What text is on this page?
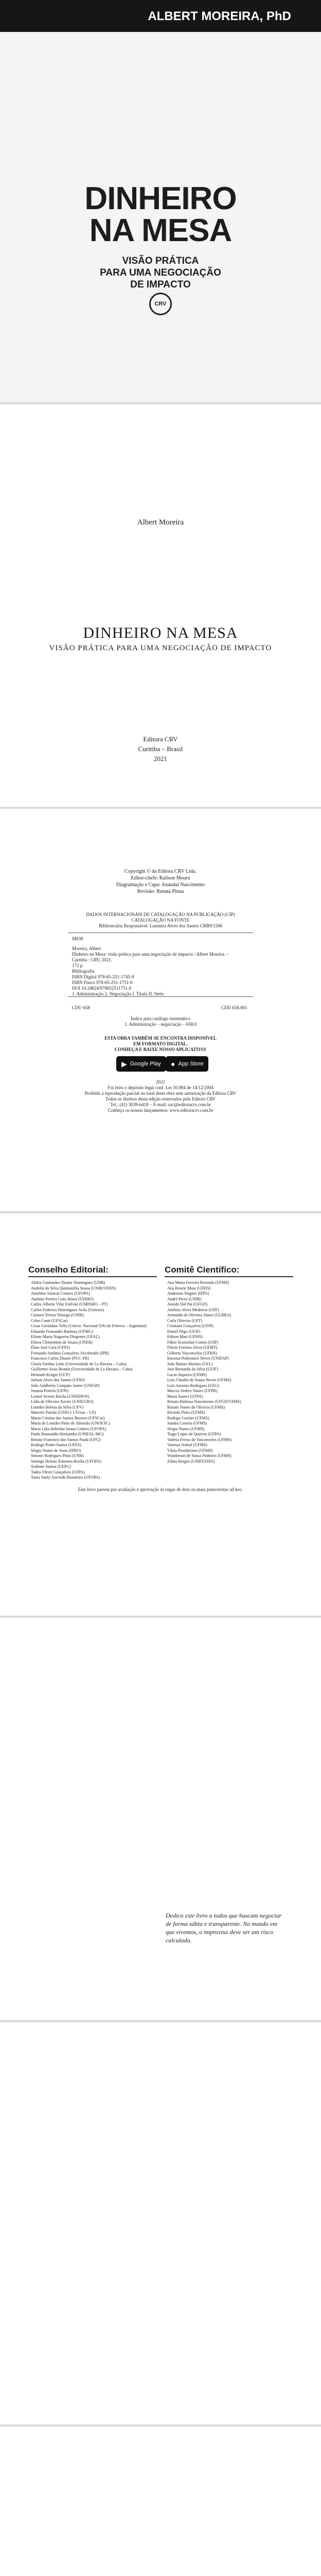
ALBERT MOREIRA, PhD
DINHEIRO
NA MESA
VISÃO PRÁTICA
PARA UMA NEGOCIAÇÃO
DE IMPACTO
CRV
Albert Moreira
DINHEIRO NA MESA
VISÃO PRÁTICA PARA UMA NEGOCIAÇÃO DE IMPACTO
Editora CRV
Curitiba – Brasil
2021
Copyright © da Editora CRV Ltda.
Editor-chefe: Railson Moura
Diagramação e Capa: Anandaí Nascimento
Revisão: Renata Pinna
DADOS INTERNACIONAIS DE CATALOGAÇÃO NA PUBLICAÇÃO (CIP)
CATALOGAÇÃO NA FONTE
Bibliotecária Responsável: Luzenira Alves dos Santos CRB9/1506
M838
Moreira, Albert
Dinheiro na Mesa: visão prática para uma negociação de impacto / Albert Moreira. –
Curitiba : CRV, 2021.
172 p.
Bibliografia
ISBN Digital 978-65-251-1745-9
ISBN Físico 978-65-251-1751-0
DOI 10.24824/978652511751.0
1. Administração 2. Negociação I. Título II. Série.
CDU 658	CDD 658.001
Índice para catálogo sistemático
1. Administração – negociação – 658.0
ESTA OBRA TAMBÉM SE ENCONTRA DISPONÍVEL
EM FORMATO DIGITAL.
CONHEÇA E BAIXE NOSSO APLICATIVO!
▶ Google Play ● App Store
2021
Foi feito o depósito legal conf. Lei 10.994 de 14/12/2004
Proibida a reprodução parcial ou total desta obra sem autorização da Editora CRV
Todos os direitos desta edição reservados pela Editora CRV
Tel.: (41) 3039-6418 – E-mail: sac@editoracrv.com.br
Conheça os nossos lançamentos: www.editoracrv.com.br
Conselho Editorial:
Aldira Guimarães Duarte Domínguez (UNB)
Andréia da Silva Quintanilha Sousa (UNIR/UFRN)
Anselmo Alencar Colares (UFOPA)
Antônio Pereira Gaio Júnior (UFRRJ)
Carlos Alberto Vilar Estêvão (UMINHO – PT)
Carlos Federico Dominguez Avila (Unieuro)
Carmen Tereza Velanga (UNIR)
Celso Conti (UFSCar)
Cesar Gerónimo Tello (Univer. Nacional Três de Febrero – Argentina)
Eduardo Fernandes Barbosa (UFMG)
Elione Maria Nogueira Diogenes (UFAL)
Elizeu Clementino de Souza (UNEB)
Élsio José Corá (UFFS)
Fernando Antônio Gonçalves Alcoforado (IPB)
Francisco Carlos Duarte (PUC-PR)
Gloria Fariñas León (Universidade de La Havana – Cuba)
Guillermo Arias Beatón (Universidade de La Havana – Cuba)
Helmuth Krüger (UCP)
Jailson Alves dos Santos (UFRJ)
João Adalberto Campato Junior (UNESP)
Josania Portela (UFPI)
Leonel Severo Rocha (UNISINOS)
Lídia de Oliveira Xavier (UNIEURO)
Lourdes Helena da Silva (UFV)
Marcelo Paixão (UFRJ e UTexas – US)
Maria Cristina dos Santos Bezerra (UFSCar)
Maria de Lourdes Pinto de Almeida (UNOESC)
Maria Lília Imbiriba Sousa Colares (UFOPA)
Paulo Romualdo Hernandes (UNIFAL-MG)
Renato Francisco dos Santos Paula (UFG)
Rodrigo Pratte-Santos (UFES)
Sérgio Nunes de Jesus (IFRO)
Simone Rodrigues Pinto (UNB)
Solange Helena Ximenes-Rocha (UFOPA)
Sydione Santos (UEPG)
Tadeu Oliver Gonçalves (UFPA)
Tania Suely Azevedo Brasileiro (UFOPA)
Comitê Científico:
Ana Maria Ferreira Rezende (UFMS)
Ana Rosete Maia (UFRN)
Anderson Wagner (IFPA)
André Perez (UNIR)
Aneide Dal Pai (UFGD)
Antônio Alves Medeiros (UFF)
Armando de Oliveira Júnior (ULBRA)
Carla Oliveira (UFT)
Cristiano Gonçalves (UFPI)
Daniel Pêgo (UFJF)
Edison Mari (UFMS)
Fábio Scorsolini-Comin (USP)
Flávio Ferreira Alves (UFMT)
Gilberto Vasconcelos (UFRN)
Iracema Poltronieri Neves (UNIFAP)
João Batista Martins (UEL)
José Bernardo da Silva (UFJF)
Lucas Siqueira (UFMS)
Luiz Claudio de Souza Neves (UFMS)
Luiz Antonio Rodrigues (UEG)
Marcos Sedrez Nunes (UFPR)
Marta Soares (UFPA)
Renata Barbosa Nascimento (UFGD/UFMS)
Renato Nunes de Oliveira (UFMS)
Ricardo Pinto (UFMS)
Rodrigo Goulart (UFMS)
Sandra Correia (UFMS)
Sérgio Nunes (UFMS)
Tiago Lopes de Queiroz (UFPA)
Valéria Ferraz de Vasconcelos (UFMS)
Vanessa Sobral (UFMS)
Vânia Prosdócimo (UFMS)
Wanderson de Sousa Pinheiro (UFMS)
Zilma Borges (UNIFESSPA)
Este livro passou por avaliação e aprovação às cegas de dois ou mais pareceristas ad hoc.
Dedico este livro a todos que buscam negociar de forma sábia e transparente. No mundo em que vivemos, o improviso deve ser um risco calculado.
